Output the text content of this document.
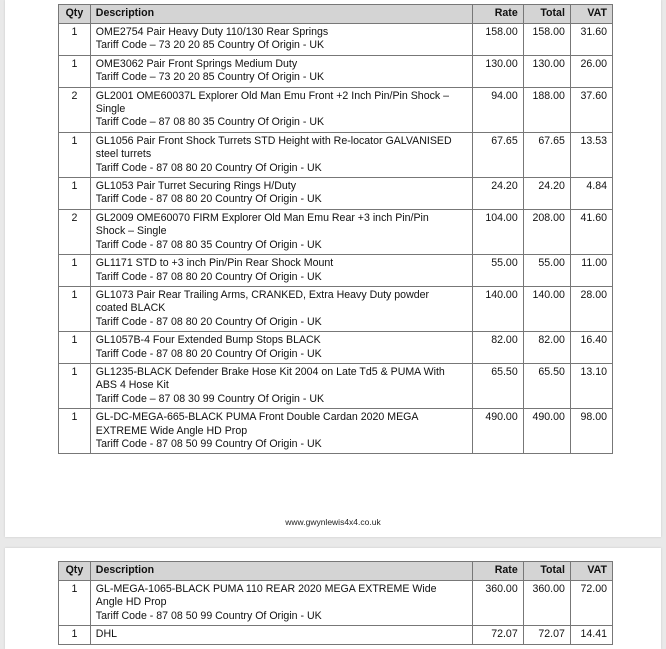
Qty	Description	Rate	Total	VAT
1	OME2754 Pair Heavy Duty 110/130 Rear Springs
Tariff Code – 73 20 20 85 Country Of Origin - UK	158.00	158.00	31.60
1	OME3062 Pair Front Springs Medium Duty
Tariff Code – 73 20 20 85 Country Of Origin - UK	130.00	130.00	26.00
2	GL2001 OME60037L Explorer Old Man Emu Front +2 Inch Pin/Pin Shock –
Single
Tariff Code – 87 08 80 35 Country Of Origin - UK	94.00	188.00	37.60
1	GL1056 Pair Front Shock Turrets STD Height with Re-locator GALVANISED
steel turrets
Tariff Code - 87 08 80 20 Country Of Origin - UK	67.65	67.65	13.53
1	GL1053 Pair Turret Securing Rings H/Duty
Tariff Code - 87 08 80 20 Country Of Origin - UK	24.20	24.20	4.84
2	GL2009 OME60070 FIRM Explorer Old Man Emu Rear +3 inch Pin/Pin
Shock – Single
Tariff Code - 87 08 80 35 Country Of Origin - UK	104.00	208.00	41.60
1	GL1171 STD to +3 inch Pin/Pin Rear Shock Mount
Tariff Code - 87 08 80 20 Country Of Origin - UK	55.00	55.00	11.00
1	GL1073 Pair Rear Trailing Arms, CRANKED, Extra Heavy Duty powder
coated BLACK
Tariff Code - 87 08 80 20 Country Of Origin - UK	140.00	140.00	28.00
1	GL1057B-4 Four Extended Bump Stops BLACK
Tariff Code - 87 08 80 20 Country Of Origin - UK	82.00	82.00	16.40
1	GL1235-BLACK Defender Brake Hose Kit 2004 on Late Td5 & PUMA With
ABS 4 Hose Kit
Tariff Code – 87 08 30 99 Country Of Origin - UK	65.50	65.50	13.10
1	GL-DC-MEGA-665-BLACK PUMA Front Double Cardan 2020 MEGA
EXTREME Wide Angle HD Prop
Tariff Code - 87 08 50 99 Country Of Origin - UK	490.00	490.00	98.00
www.gwynlewis4x4.co.uk
Qty	Description	Rate	Total	VAT
1	GL-MEGA-1065-BLACK PUMA 110 REAR 2020 MEGA EXTREME Wide
Angle HD Prop
Tariff Code - 87 08 50 99 Country Of Origin - UK	360.00	360.00	72.00
1	DHL	72.07	72.07	14.41
